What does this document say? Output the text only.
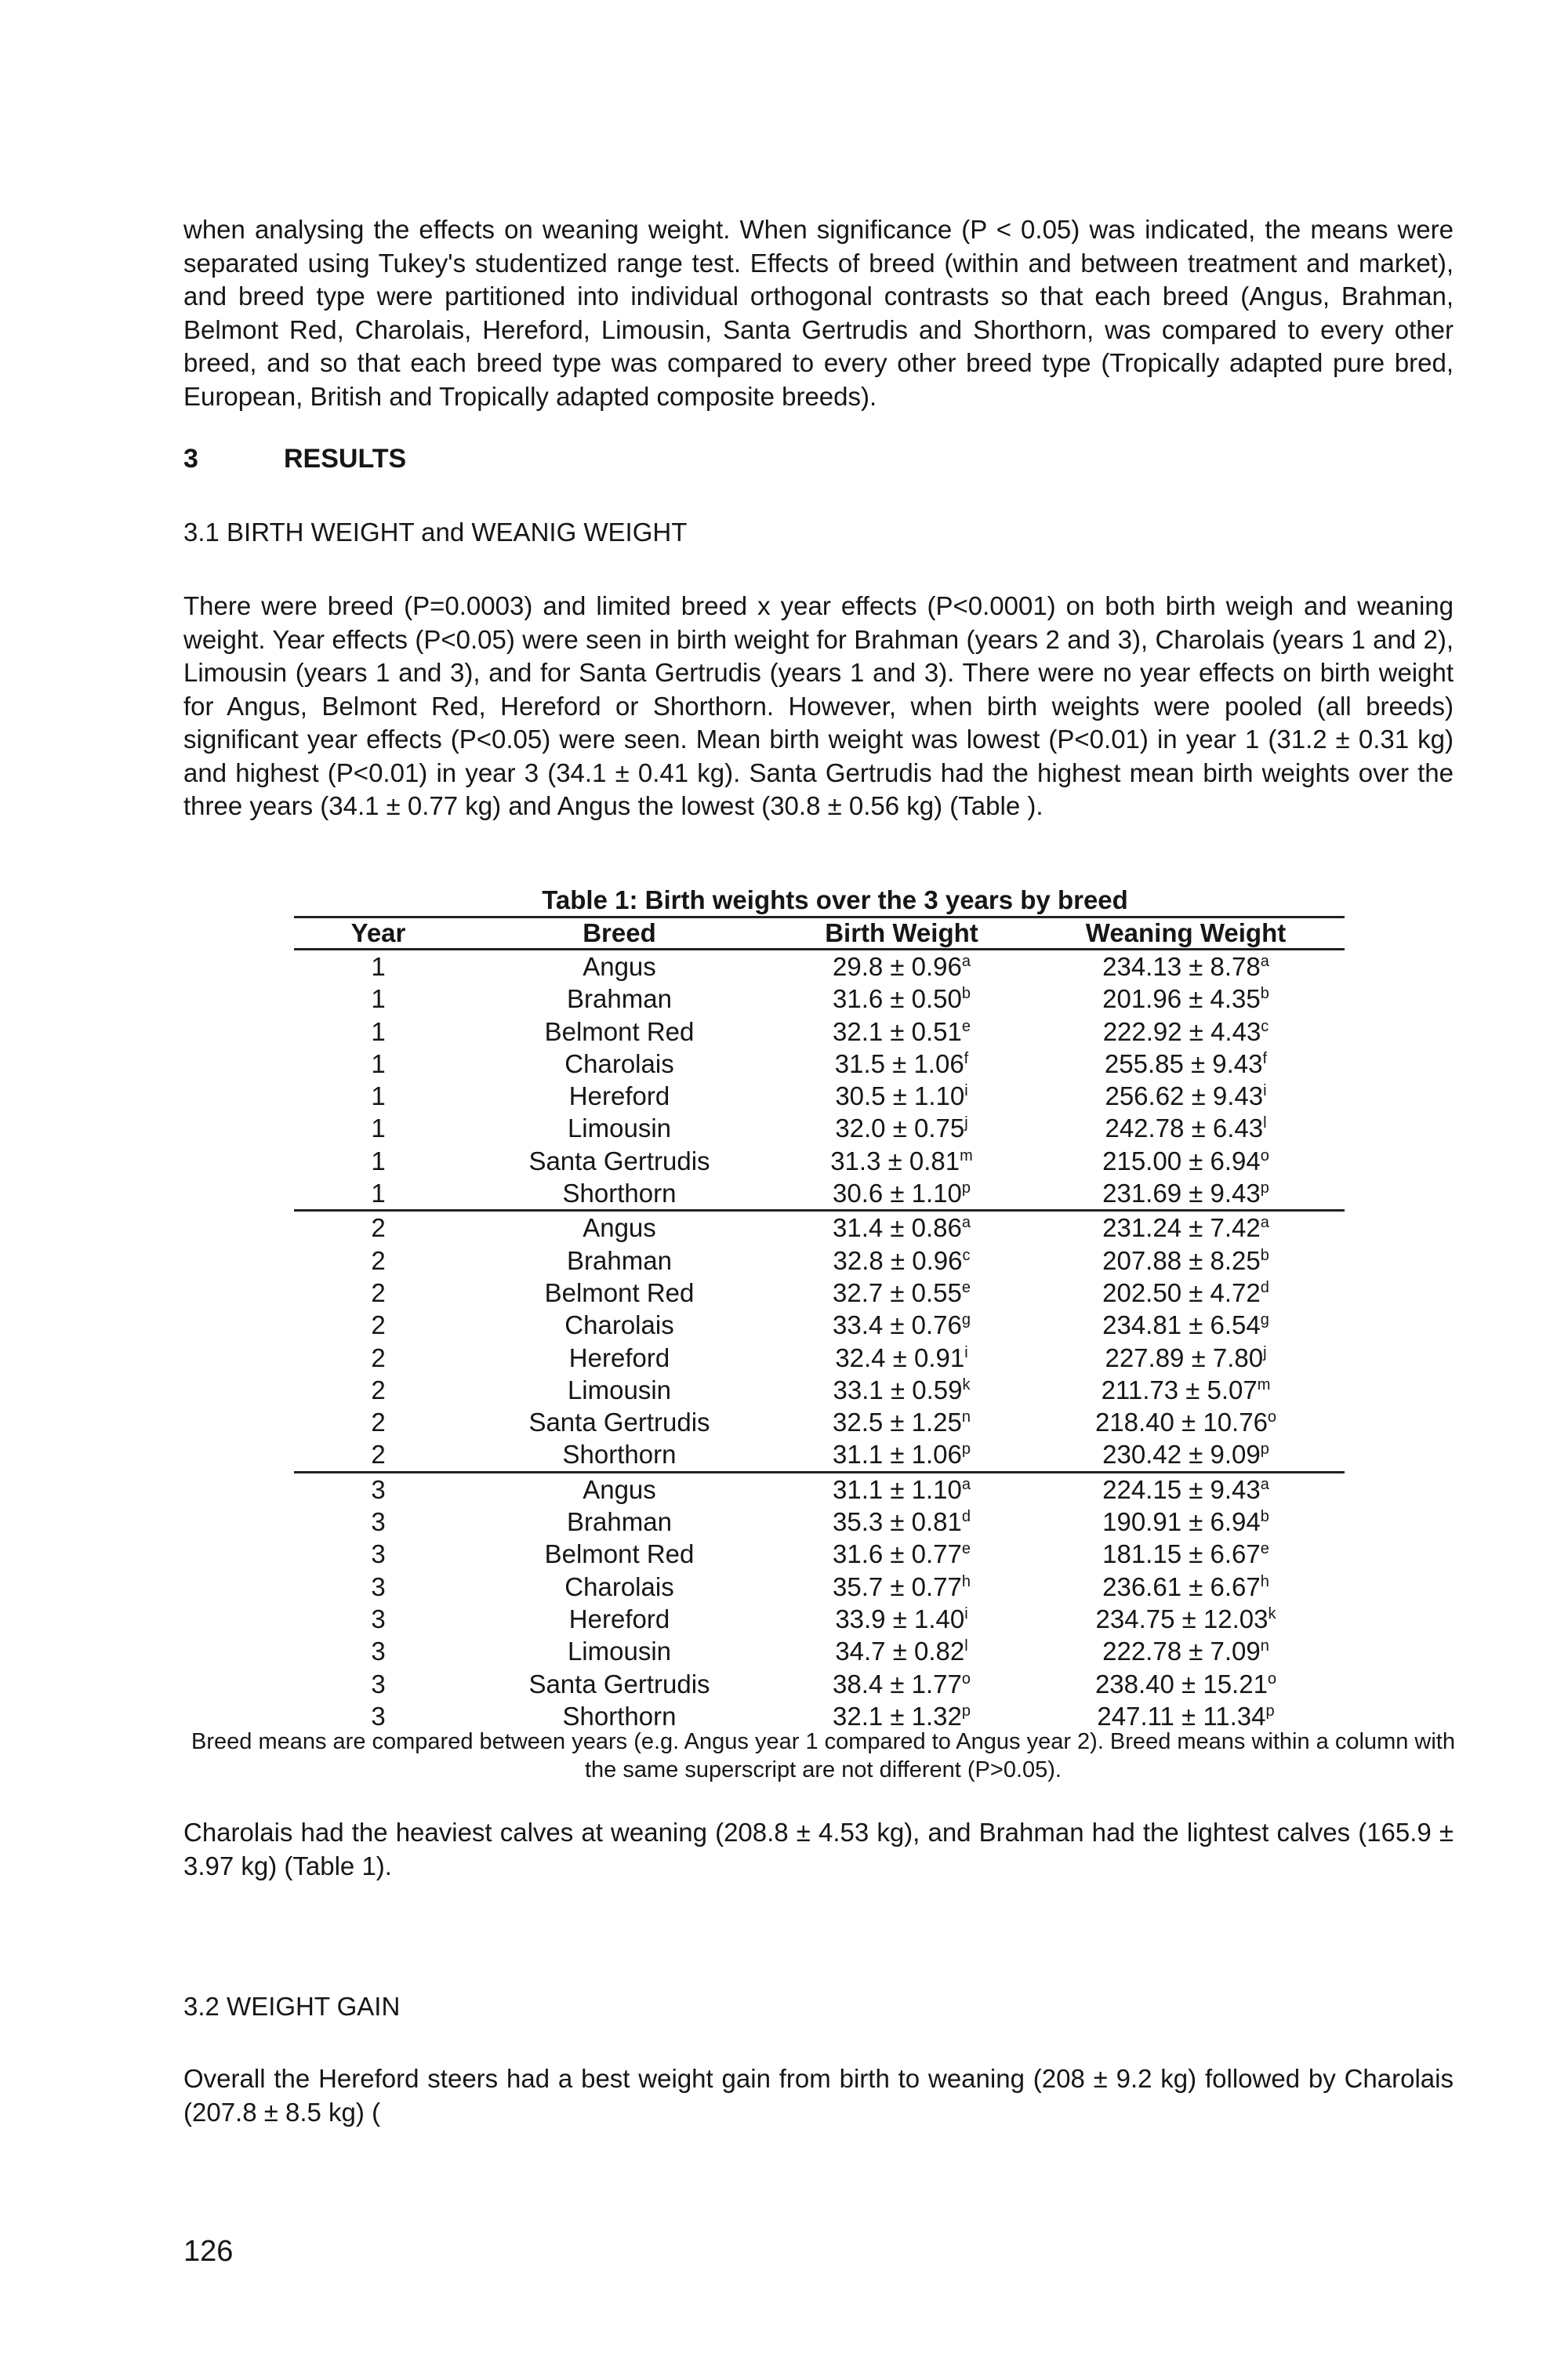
when analysing the effects on weaning weight. When significance (P < 0.05) was indicated, the means were separated using Tukey's studentized range test. Effects of breed (within and between treatment and market), and breed type were partitioned into individual orthogonal contrasts so that each breed (Angus, Brahman, Belmont Red, Charolais, Hereford, Limousin, Santa Gertrudis and Shorthorn, was compared to every other breed, and so that each breed type was compared to every other breed type (Tropically adapted pure bred, European, British and Tropically adapted composite breeds).
3	RESULTS
3.1 BIRTH WEIGHT and WEANIG WEIGHT
There were breed (P=0.0003) and limited breed x year effects (P<0.0001) on both birth weigh and weaning weight. Year effects (P<0.05) were seen in birth weight for Brahman (years 2 and 3), Charolais (years 1 and 2), Limousin (years 1 and 3), and for Santa Gertrudis (years 1 and 3). There were no year effects on birth weight for Angus, Belmont Red, Hereford or Shorthorn. However, when birth weights were pooled (all breeds) significant year effects (P<0.05) were seen. Mean birth weight was lowest (P<0.01) in year 1 (31.2 ± 0.31 kg) and highest (P<0.01) in year 3 (34.1 ± 0.41 kg). Santa Gertrudis had the highest mean birth weights over the three years (34.1 ± 0.77 kg) and Angus the lowest (30.8 ± 0.56 kg) (Table ).
Table 1: Birth weights over the 3 years by breed
Year	Breed	Birth Weight	Weaning Weight
1	Angus	29.8 ± 0.96$^a$	234.13 ± 8.78$^a$
1	Brahman	31.6 ± 0.50$^b$	201.96 ± 4.35$^b$
1	Belmont Red	32.1 ± 0.51$^e$	222.92 ± 4.43$^c$
1	Charolais	31.5 ± 1.06$^f$	255.85 ± 9.43$^f$
1	Hereford	$30.5 \pm 1.10^i$	$256.62 \pm 9.43^i$
1	Limousin	$32.0 \pm 0.75^j$	$242.78 \pm 6.43^l$
1	Santa Gertrudis	$31.3 \pm 0.81^m$	$215.00 \pm 6.94^o$
1	Shorthorn	$30.6 \pm 1.10^p$	$231.69 \pm 9.43^p$
2	Angus	31.4 ± 0.86$^a$	231.24 ± 7.42$^a$
2	Brahman	32.8 ± 0.96$^c$	207.88 ± 8.25$^b$
2	Belmont Red	32.7 ± 0.55$^e$	202.50 ± 4.72$^d$
2	Charolais	33.4 ± 0.76$^g$	234.81 ± 6.54$^g$
2	Hereford	$32.4 \pm 0.91^i$	$227.89 \pm 7.80^j$
2	Limousin	$33.1 \pm 0.59^k$	$211.73 \pm 5.07^m$
2	Santa Gertrudis	$32.5 \pm 1.25^n$	$218.40 \pm 10.76^o$
2	Shorthorn	$31.1 \pm 1.06^p$	$230.42 \pm 9.09^p$
3	Angus	31.1 ± 1.10$^a$	224.15 ± 9.43$^a$
3	Brahman	35.3 ± 0.81$^d$	190.91 ± 6.94$^b$
3	Belmont Red	31.6 ± 0.77$^e$	181.15 ± 6.67$^e$
3	Charolais	35.7 ± 0.77$^h$	236.61 ± 6.67$^h$
3	Hereford	$33.9 \pm 1.40^i$	$234.75 \pm 12.03^k$
3	Limousin	$34.7 \pm 0.82^l$	$222.78 \pm 7.09^n$
3	Santa Gertrudis	$38.4 \pm 1.77^o$	$238.40 \pm 15.21^o$
3	Shorthorn	$32.1 \pm 1.32^p$	$247.11 \pm 11.34^p$
Breed means are compared between years (e.g. Angus year 1 compared to Angus year 2). Breed means within a column with the same superscript are not different (P>0.05).
Charolais had the heaviest calves at weaning (208.8 ± 4.53 kg), and Brahman had the lightest calves (165.9 ± 3.97 kg) (Table 1).
3.2 WEIGHT GAIN
Overall the Hereford steers had a best weight gain from birth to weaning (208 ± 9.2 kg) followed by Charolais (207.8 ± 8.5 kg) (
126
